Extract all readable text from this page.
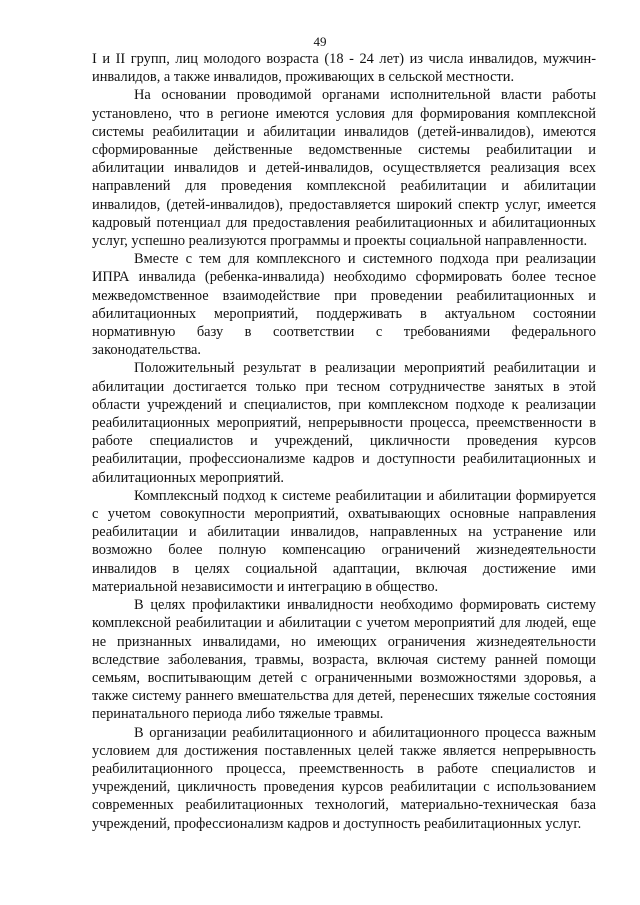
49

I и II групп, лиц молодого возраста (18 - 24 лет) из числа инвалидов, мужчин-инвалидов, а также инвалидов, проживающих в сельской местности.

На основании проводимой органами исполнительной власти работы установлено, что в регионе имеются условия для формирования комплексной системы реабилитации и абилитации инвалидов (детей-инвалидов), имеются сформированные действенные ведомственные системы реабилитации и абилитации инвалидов и детей-инвалидов, осуществляется реализация всех направлений для проведения комплексной реабилитации и абилитации инвалидов, (детей-инвалидов), предоставляется широкий спектр услуг, имеется кадровый потенциал для предоставления реабилитационных и абилитационных услуг, успешно реализуются программы и проекты социальной направленности.

Вместе с тем для комплексного и системного подхода при реализации ИПРА инвалида (ребенка-инвалида) необходимо сформировать более тесное межведомственное взаимодействие при проведении реабилитационных и абилитационных мероприятий, поддерживать в актуальном состоянии нормативную базу в соответствии с требованиями федерального законодательства.

Положительный результат в реализации мероприятий реабилитации и абилитации достигается только при тесном сотрудничестве занятых в этой области учреждений и специалистов, при комплексном подходе к реализации реабилитационных мероприятий, непрерывности процесса, преемственности в работе специалистов и учреждений, цикличности проведения курсов реабилитации, профессионализме кадров и доступности реабилитационных и абилитационных мероприятий.

Комплексный подход к системе реабилитации и абилитации формируется с учетом совокупности мероприятий, охватывающих основные направления реабилитации и абилитации инвалидов, направленных на устранение или возможно более полную компенсацию ограничений жизнедеятельности инвалидов в целях социальной адаптации, включая достижение ими материальной независимости и интеграцию в общество.

В целях профилактики инвалидности необходимо формировать систему комплексной реабилитации и абилитации с учетом мероприятий для людей, еще не признанных инвалидами, но имеющих ограничения жизнедеятельности вследствие заболевания, травмы, возраста, включая систему ранней помощи семьям, воспитывающим детей с ограниченными возможностями здоровья, а также систему раннего вмешательства для детей, перенесших тяжелые состояния перинатального периода либо тяжелые травмы.

В организации реабилитационного и абилитационного процесса важным условием для достижения поставленных целей также является непрерывность реабилитационного процесса, преемственность в работе специалистов и учреждений, цикличность проведения курсов реабилитации с использованием современных реабилитационных технологий, материально-техническая база учреждений, профессионализм кадров и доступность реабилитационных услуг.
